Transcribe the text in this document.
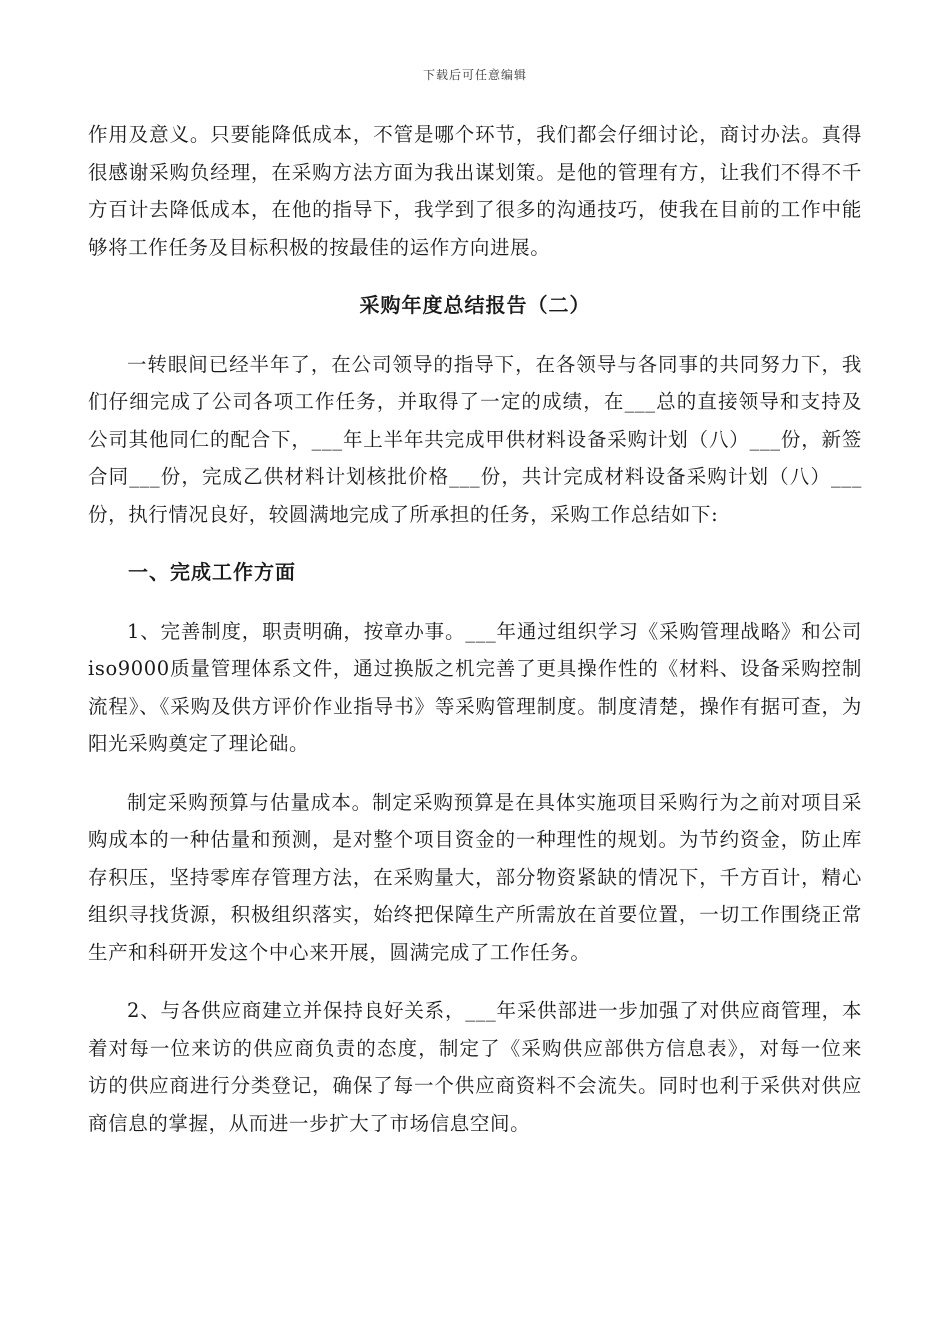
下载后可任意编辑

作用及意义。只要能降低成本，不管是哪个环节，我们都会仔细讨论，商讨办法。真得很感谢采购负经理，在采购方法方面为我出谋划策。是他的管理有方，让我们不得不千方百计去降低成本，在他的指导下，我学到了很多的沟通技巧，使我在目前的工作中能够将工作任务及目标积极的按最佳的运作方向进展。

采购年度总结报告（二）

一转眼间已经半年了，在公司领导的指导下，在各领导与各同事的共同努力下，我们仔细完成了公司各项工作任务，并取得了一定的成绩，在___总的直接领导和支持及公司其他同仁的配合下，___年上半年共完成甲供材料设备采购计划（八）___份，新签合同___份，完成乙供材料计划核批价格___份，共计完成材料设备采购计划（八）___份，执行情况良好，较圆满地完成了所承担的任务，采购工作总结如下:

一、完成工作方面

1、完善制度，职责明确，按章办事。___年通过组织学习《采购管理战略》和公司iso9000质量管理体系文件，通过换版之机完善了更具操作性的《材料、设备采购控制流程》、《采购及供方评价作业指导书》等采购管理制度。制度清楚，操作有据可查，为阳光采购奠定了理论础。

制定采购预算与估量成本。制定采购预算是在具体实施项目采购行为之前对项目采购成本的一种估量和预测，是对整个项目资金的一种理性的规划。为节约资金，防止库存积压，坚持零库存管理方法，在采购量大，部分物资紧缺的情况下，千方百计，精心组织寻找货源，积极组织落实，始终把保障生产所需放在首要位置，一切工作围绕正常生产和科研开发这个中心来开展，圆满完成了工作任务。

2、与各供应商建立并保持良好关系，___年采供部进一步加强了对供应商管理，本着对每一位来访的供应商负责的态度，制定了《采购供应部供方信息表》，对每一位来访的供应商进行分类登记，确保了每一个供应商资料不会流失。同时也利于采供对供应商信息的掌握，从而进一步扩大了市场信息空间。
